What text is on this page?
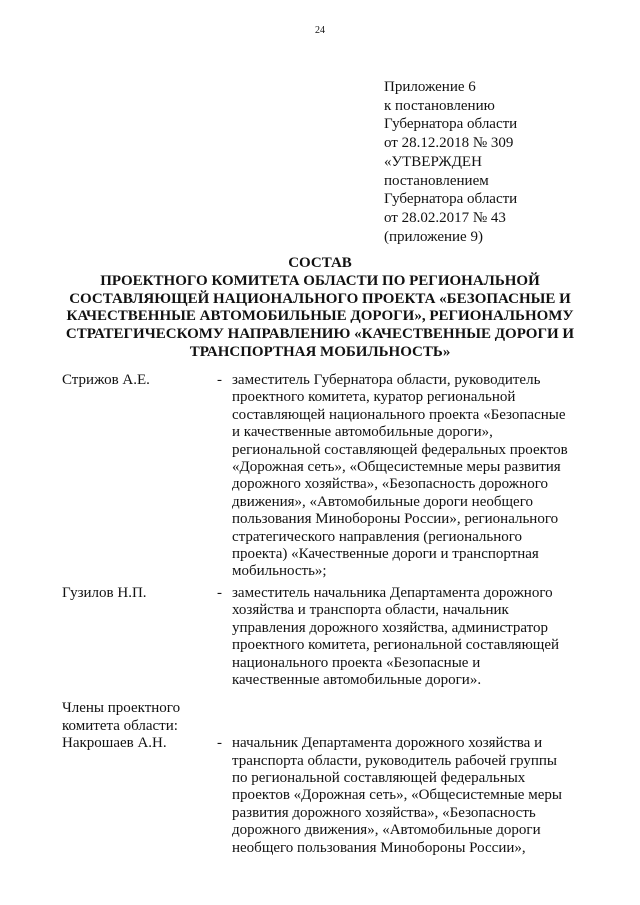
24
Приложение 6
к постановлению
Губернатора области
от 28.12.2018 № 309
«УТВЕРЖДЕН
постановлением
Губернатора области
от 28.02.2017 № 43
(приложение 9)
СОСТАВ
ПРОЕКТНОГО КОМИТЕТА ОБЛАСТИ ПО РЕГИОНАЛЬНОЙ
СОСТАВЛЯЮЩЕЙ НАЦИОНАЛЬНОГО ПРОЕКТА «БЕЗОПАСНЫЕ И
КАЧЕСТВЕННЫЕ АВТОМОБИЛЬНЫЕ ДОРОГИ», РЕГИОНАЛЬНОМУ
СТРАТЕГИЧЕСКОМУ НАПРАВЛЕНИЮ «КАЧЕСТВЕННЫЕ ДОРОГИ И
ТРАНСПОРТНАЯ МОБИЛЬНОСТЬ»
Стрижов А.Е.	- заместитель Губернатора области, руководитель
проектного комитета, куратор региональной
составляющей национального проекта «Безопасные
и качественные автомобильные дороги»,
региональной составляющей федеральных проектов
«Дорожная сеть», «Общесистемные меры развития
дорожного хозяйства», «Безопасность дорожного
движения», «Автомобильные дороги необщего
пользования Минобороны России», регионального
стратегического направления (регионального
проекта) «Качественные дороги и транспортная
мобильность»;
Гузилов Н.П.	- заместитель начальника Департамента дорожного
хозяйства и транспорта области, начальник
управления дорожного хозяйства, администратор
проектного комитета, региональной составляющей
национального проекта «Безопасные и
качественные автомобильные дороги».
Члены проектного
комитета области:
Накрошаев А.Н.	- начальник Департамента дорожного хозяйства и
транспорта области, руководитель рабочей группы
по региональной составляющей федеральных
проектов «Дорожная сеть», «Общесистемные меры
развития дорожного хозяйства», «Безопасность
дорожного движения», «Автомобильные дороги
необщего пользования Минобороны России»,
